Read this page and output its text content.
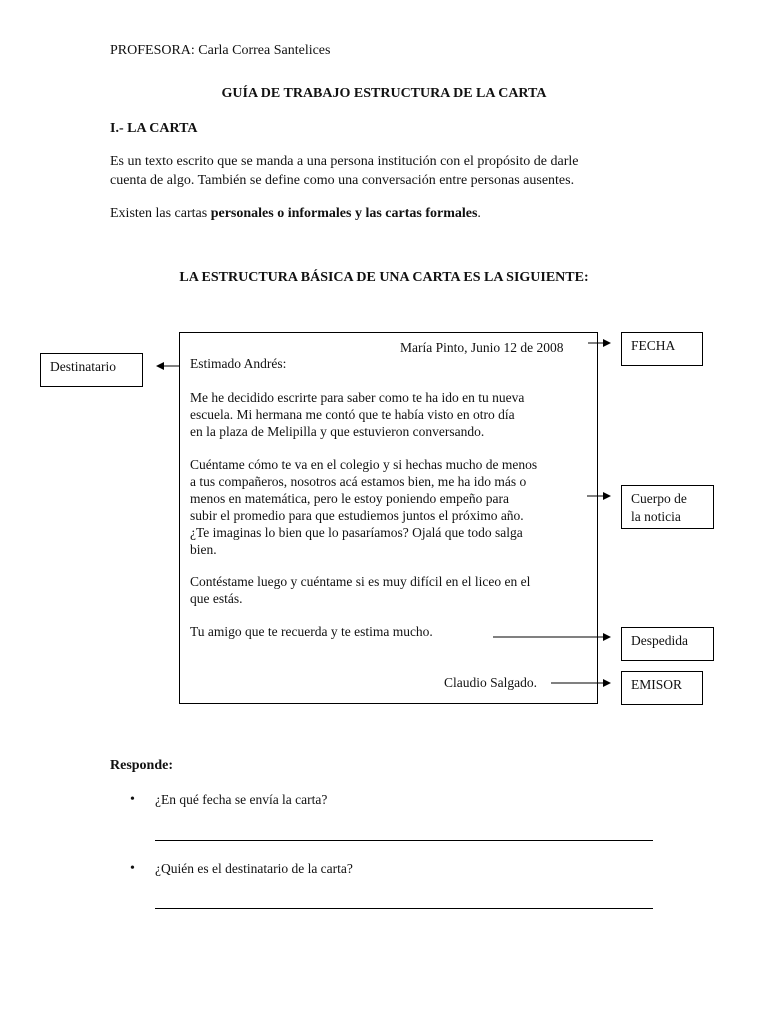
PROFESORA: Carla Correa Santelices
GUÍA DE TRABAJO ESTRUCTURA DE LA CARTA
I.- LA CARTA
Es un texto escrito que se manda a una persona institución con el propósito de darle
cuenta de algo. También se define como una conversación entre personas ausentes.
Existen las cartas personales o informales y las cartas formales.
LA ESTRUCTURA BÁSICA DE UNA CARTA ES LA SIGUIENTE:
María Pinto, Junio 12 de 2008
Estimado Andrés:
Me he decidido escrirte para saber como te ha ido en tu nueva
escuela. Mi hermana me contó que te había visto en otro día
en la plaza de Melipilla y que estuvieron conversando.
Cuéntame cómo te va en el colegio y si hechas mucho de menos
a tus compañeros, nosotros acá estamos bien, me ha ido más o
menos en matemática, pero le estoy poniendo empeño para
subir el promedio para que estudiemos juntos el próximo año.
¿Te imaginas lo bien que lo pasaríamos? Ojalá que todo salga
bien.
Contéstame luego y cuéntame si es muy difícil en el liceo en el
que estás.
Tu amigo que te recuerda y te estima mucho.
Claudio Salgado.
FECHA
Destinatario
Cuerpo de
la noticia
Despedida
EMISOR
Responde:
• ¿En qué fecha se envía la carta?
• ¿Quién es el destinatario de la carta?
